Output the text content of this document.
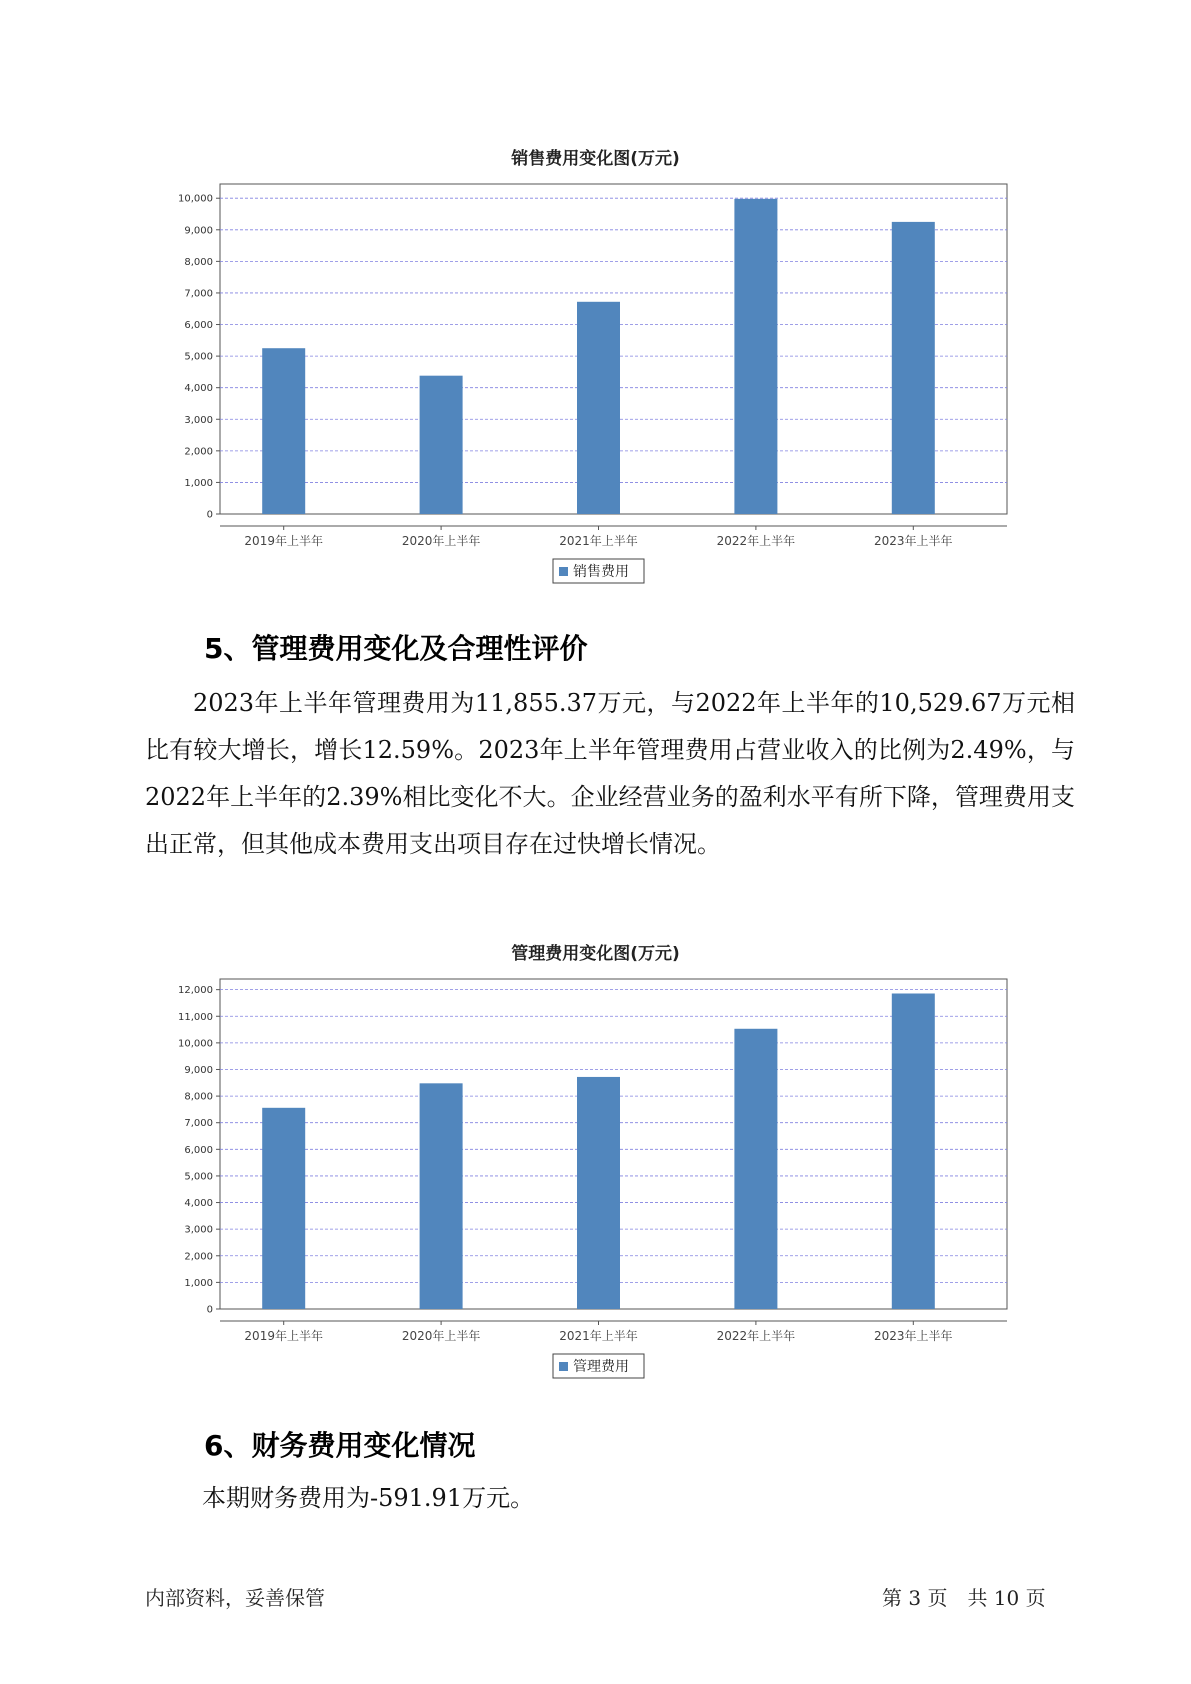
销售费用变化图(万元)
0
1,000
2,000
3,000
4,000
5,000
6,000
7,000
8,000
9,000
10,000
2019年上半年	2020年上半年	2021年上半年	2022年上半年	2023年上半年
销售费用
5、管理费用变化及合理性评价

2023年上半年管理费用为11,855.37万元，与2022年上半年的10,529.67万元相比有较大增长，增长12.59%。2023年上半年管理费用占营业收入的比例为2.49%，与2022年上半年的2.39%相比变化不大。企业经营业务的盈利水平有所下降，管理费用支出正常，但其他成本费用支出项目存在过快增长情况。

管理费用变化图(万元)
0
1,000
2,000
3,000
4,000
5,000
6,000
7,000
8,000
9,000
10,000
11,000
12,000
2019年上半年	2020年上半年	2021年上半年	2022年上半年	2023年上半年
管理费用
6、财务费用变化情况

本期财务费用为-591.91万元。

内部资料，妥善保管	第 3 页　共 10 页
